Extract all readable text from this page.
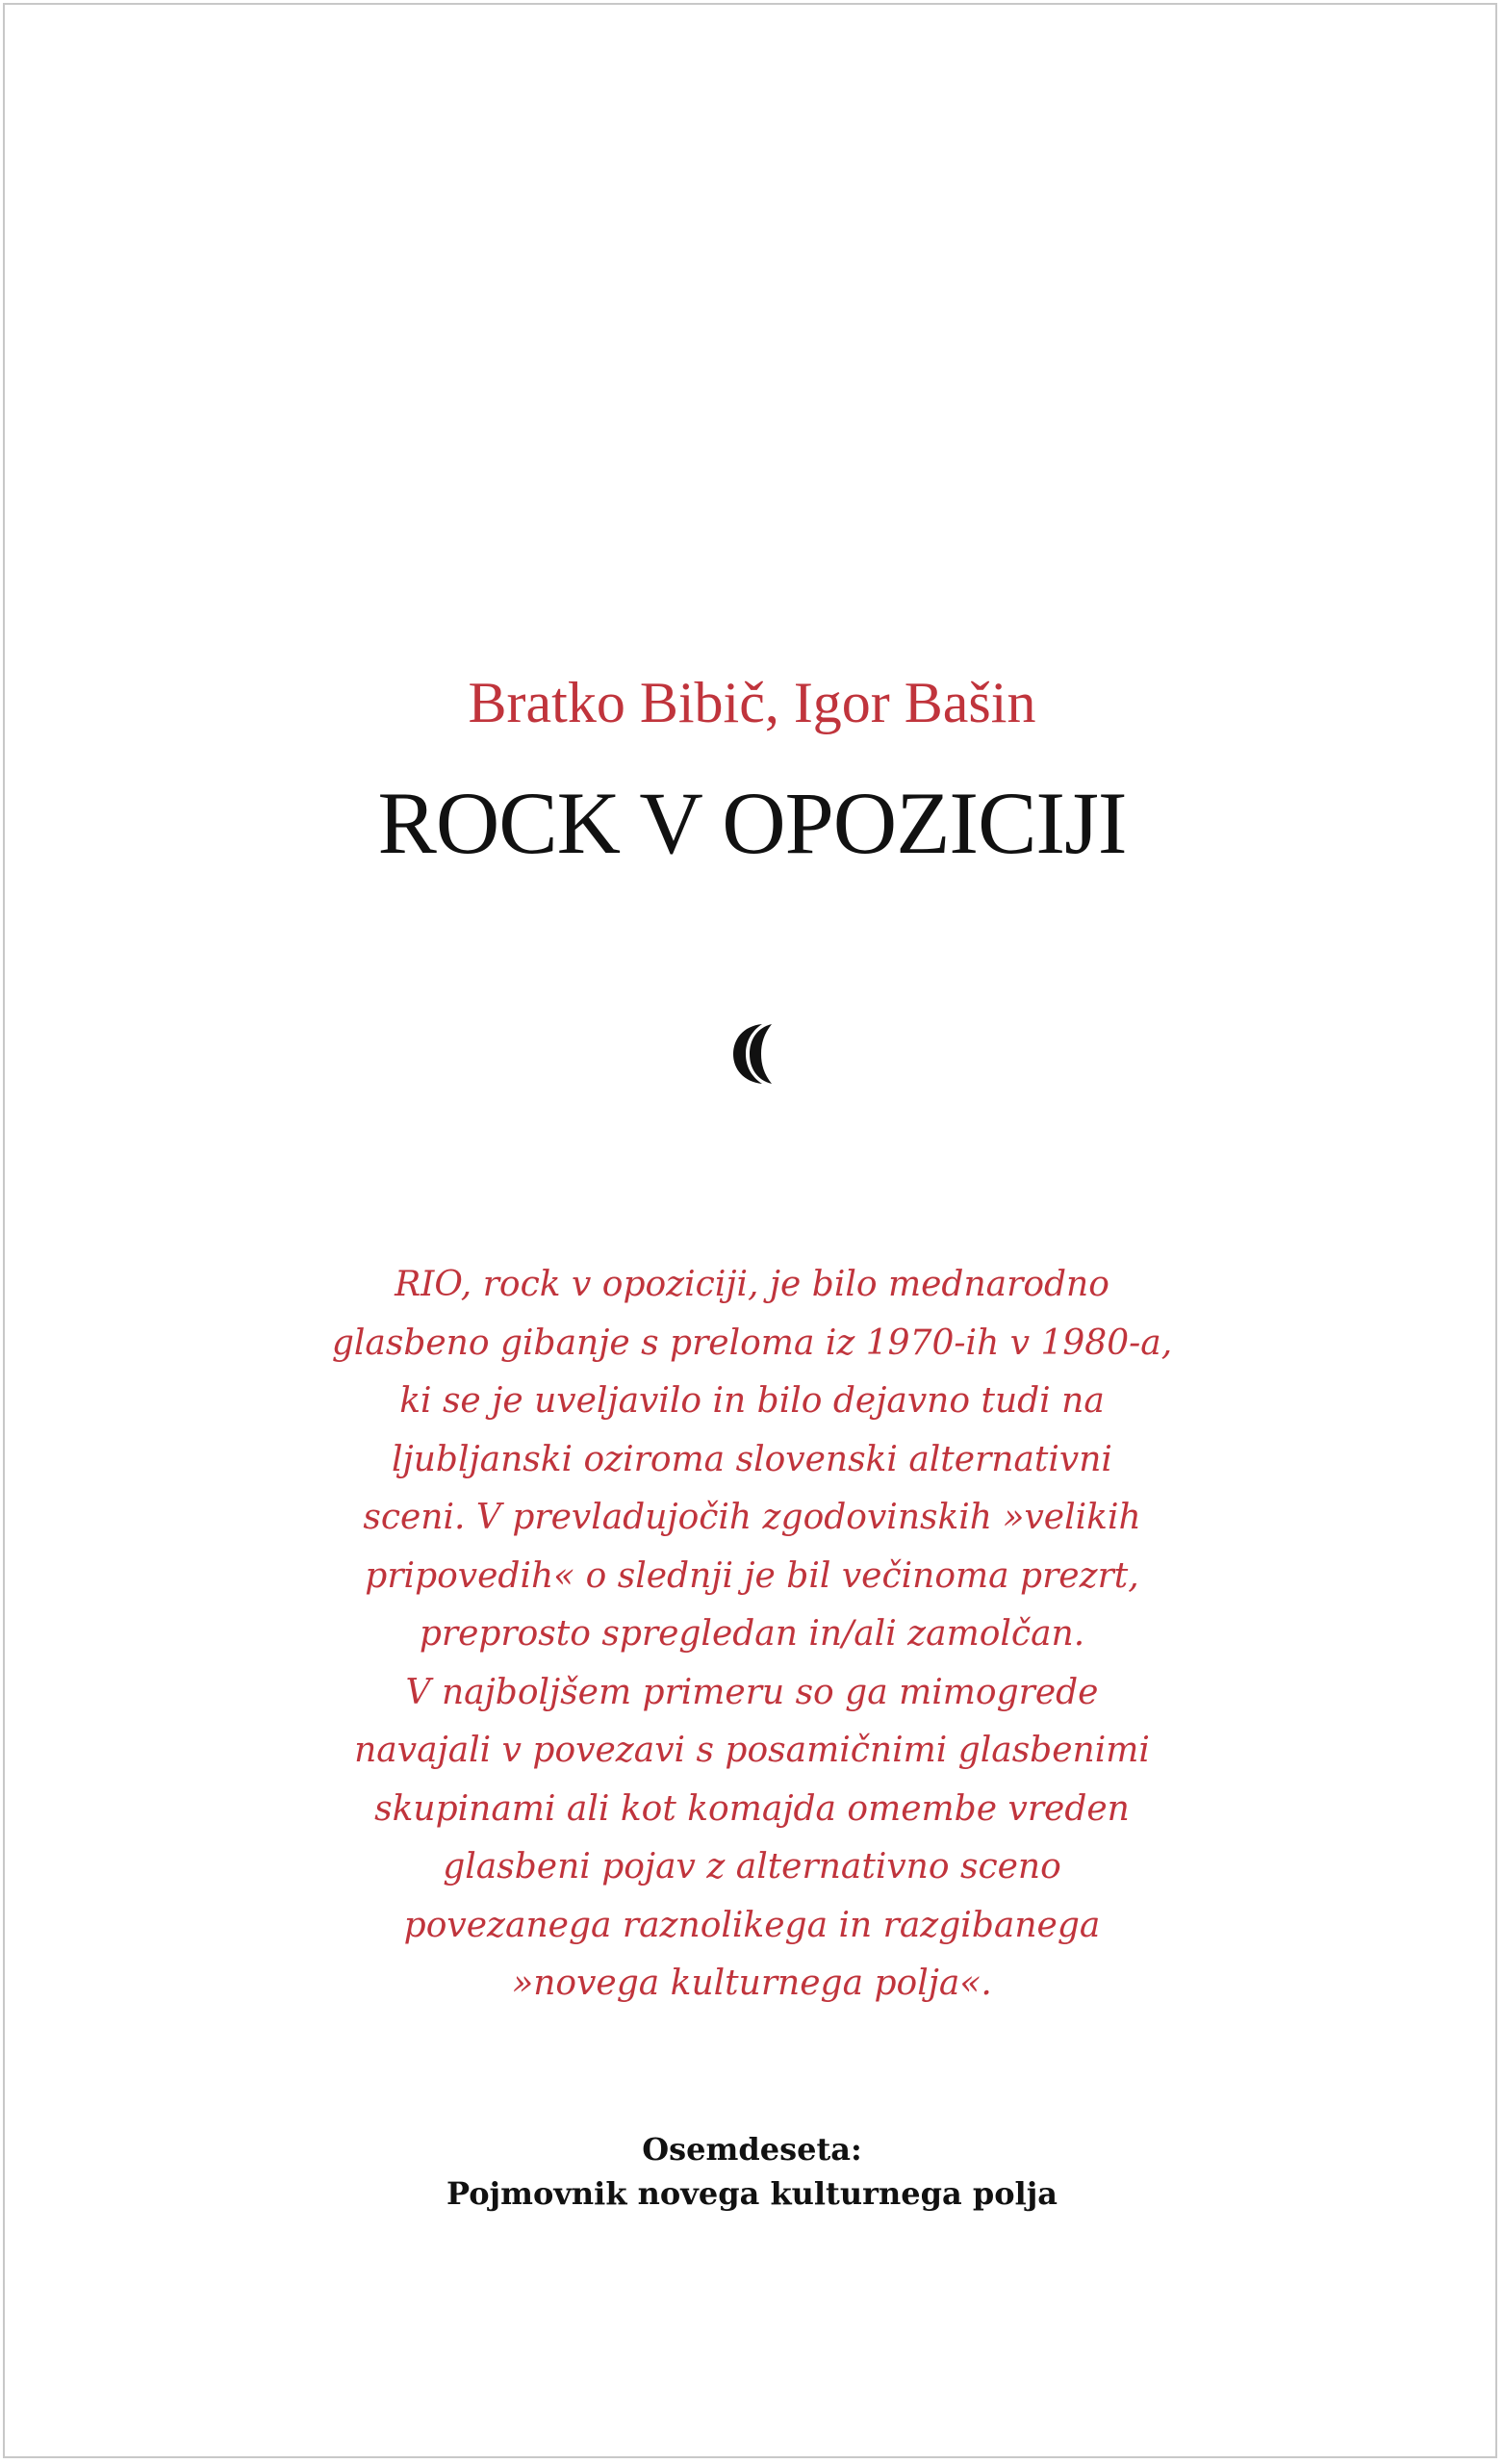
Bratko Bibič, Igor Bašin
ROCK V OPOZICIJI
RIO, rock v opoziciji, je bilo mednarodno
glasbeno gibanje s preloma iz 1970-ih v 1980-a,
ki se je uveljavilo in bilo dejavno tudi na
ljubljanski oziroma slovenski alternativni
sceni. V prevladujočih zgodovinskih »velikih
pripovedih« o slednji je bil večinoma prezrt,
preprosto spregledan in/ali zamolčan.
V najboljšem primeru so ga mimogrede
navajali v povezavi s posamičnimi glasbenimi
skupinami ali kot komajda omembe vreden
glasbeni pojav z alternativno sceno
povezanega raznolikega in razgibanega
»novega kulturnega polja«.
Osemdeseta:
Pojmovnik novega kulturnega polja
